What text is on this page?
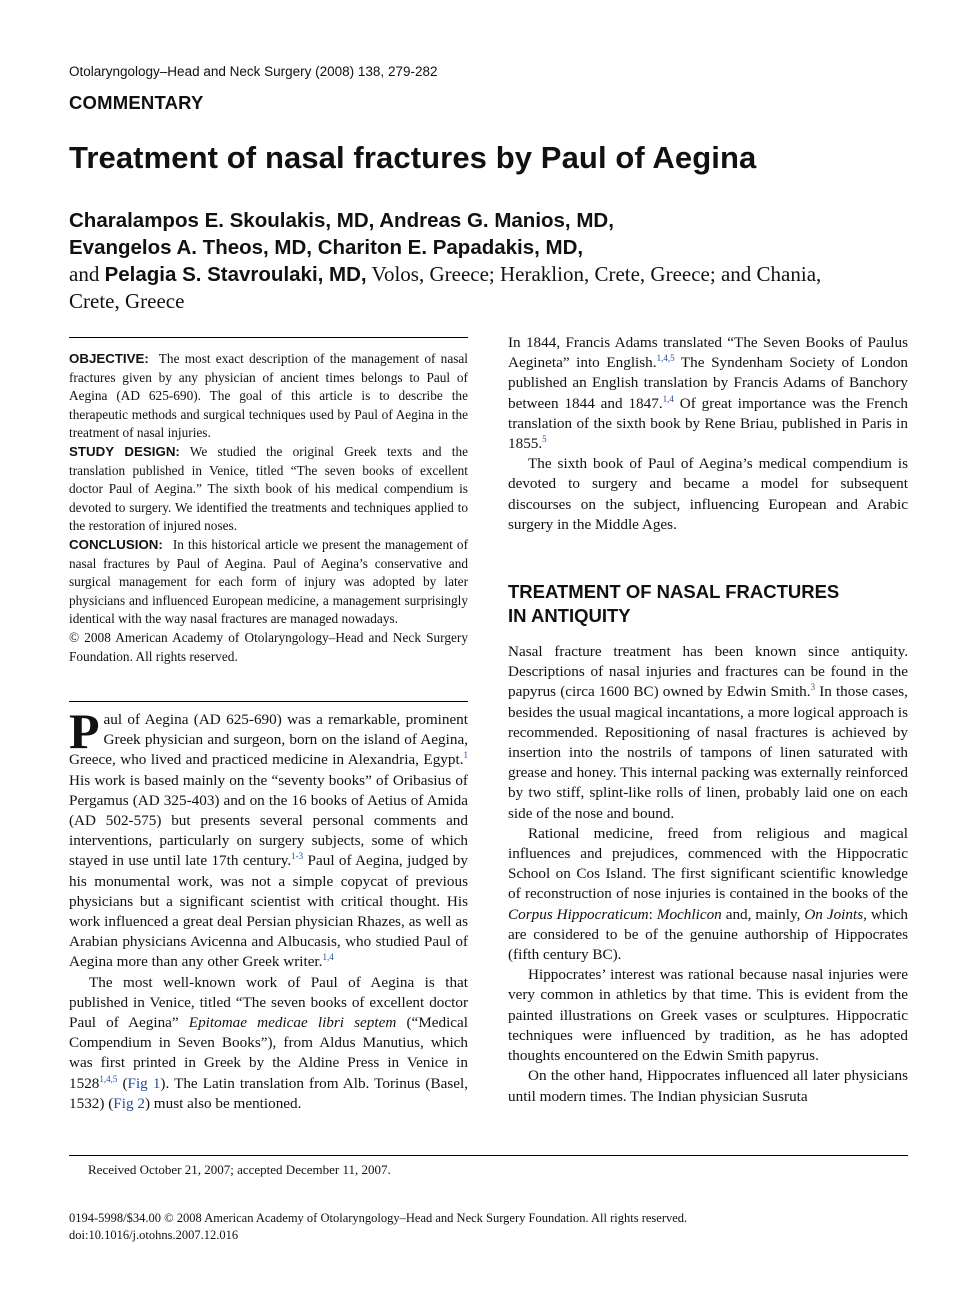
Otolaryngology–Head and Neck Surgery (2008) 138, 279-282
COMMENTARY
Treatment of nasal fractures by Paul of Aegina
Charalampos E. Skoulakis, MD, Andreas G. Manios, MD,
Evangelos A. Theos, MD, Chariton E. Papadakis, MD,
and Pelagia S. Stavroulaki, MD, Volos, Greece; Heraklion, Crete, Greece; and Chania, Crete, Greece

OBJECTIVE: The most exact description of the management of nasal fractures given by any physician of ancient times belongs to Paul of Aegina (AD 625-690). The goal of this article is to describe the therapeutic methods and surgical techniques used by Paul of Aegina in the treatment of nasal injuries.

STUDY DESIGN: We studied the original Greek texts and the translation published in Venice, titled “The seven books of excellent doctor Paul of Aegina.” The sixth book of his medical compendium is devoted to surgery. We identified the treatments and techniques applied to the restoration of injured noses.

CONCLUSION: In this historical article we present the management of nasal fractures by Paul of Aegina. Paul of Aegina’s conservative and surgical management for each form of injury was adopted by later physicians and influenced European medicine, a management surprisingly identical with the way nasal fractures are managed nowadays.

© 2008 American Academy of Otolaryngology–Head and Neck Surgery Foundation. All rights reserved.

Paul of Aegina (AD 625-690) was a remarkable, prominent Greek physician and surgeon, born on the island of Aegina, Greece, who lived and practiced medicine in Alexandria, Egypt.$^1$ His work is based mainly on the “seventy books” of Oribasius of Pergamus (AD 325-403) and on the 16 books of Aetius of Amida (AD 502-575) but presents several personal comments and interventions, particularly on surgery subjects, some of which stayed in use until late 17th century.$^{1-3}$ Paul of Aegina, judged by his monumental work, was not a simple copycat of previous physicians but a significant scientist with critical thought. His work influenced a great deal Persian physician Rhazes, as well as Arabian physicians Avicenna and Albucasis, who studied Paul of Aegina more than any other Greek writer.$^{1,4}$

The most well-known work of Paul of Aegina is that published in Venice, titled “The seven books of excellent doctor Paul of Aegina” Epitomae medicae libri septem (“Medical Compendium in Seven Books”), from Aldus Manutius, which was first printed in Greek by the Aldine Press in Venice in 1528$^{1,4,5}$ (Fig 1). The Latin translation from Alb. Torinus (Basel, 1532) (Fig 2) must also be mentioned.

In 1844, Francis Adams translated “The Seven Books of Paulus Aegineta” into English.$^{1,4,5}$ The Syndenham Society of London published an English translation by Francis Adams of Banchory between 1844 and 1847.$^{1,4}$ Of great importance was the French translation of the sixth book by Rene Briau, published in Paris in 1855.$^5$

The sixth book of Paul of Aegina’s medical compendium is devoted to surgery and became a model for subsequent discourses on the subject, influencing European and Arabic surgery in the Middle Ages.

TREATMENT OF NASAL FRACTURES
IN ANTIQUITY

Nasal fracture treatment has been known since antiquity. Descriptions of nasal injuries and fractures can be found in the papyrus (circa 1600 BC) owned by Edwin Smith.$^3$ In those cases, besides the usual magical incantations, a more logical approach is recommended. Repositioning of nasal fractures is achieved by insertion into the nostrils of tampons of linen saturated with grease and honey. This internal packing was externally reinforced by two stiff, splint-like rolls of linen, probably laid one on each side of the nose and bound.

Rational medicine, freed from religious and magical influences and prejudices, commenced with the Hippocratic School on Cos Island. The first significant scientific knowledge of reconstruction of nose injuries is contained in the books of the Corpus Hippocraticum: Mochlicon and, mainly, On Joints, which are considered to be of the genuine authorship of Hippocrates (fifth century BC).

Hippocrates’ interest was rational because nasal injuries were very common in athletics by that time. This is evident from the painted illustrations on Greek vases or sculptures. Hippocratic techniques were influenced by tradition, as he has adopted thoughts encountered on the Edwin Smith papyrus.

On the other hand, Hippocrates influenced all later physicians until modern times. The Indian physician Susruta

Received October 21, 2007; accepted December 11, 2007.
0194-5998/$34.00 © 2008 American Academy of Otolaryngology–Head and Neck Surgery Foundation. All rights reserved.
doi:10.1016/j.otohns.2007.12.016
